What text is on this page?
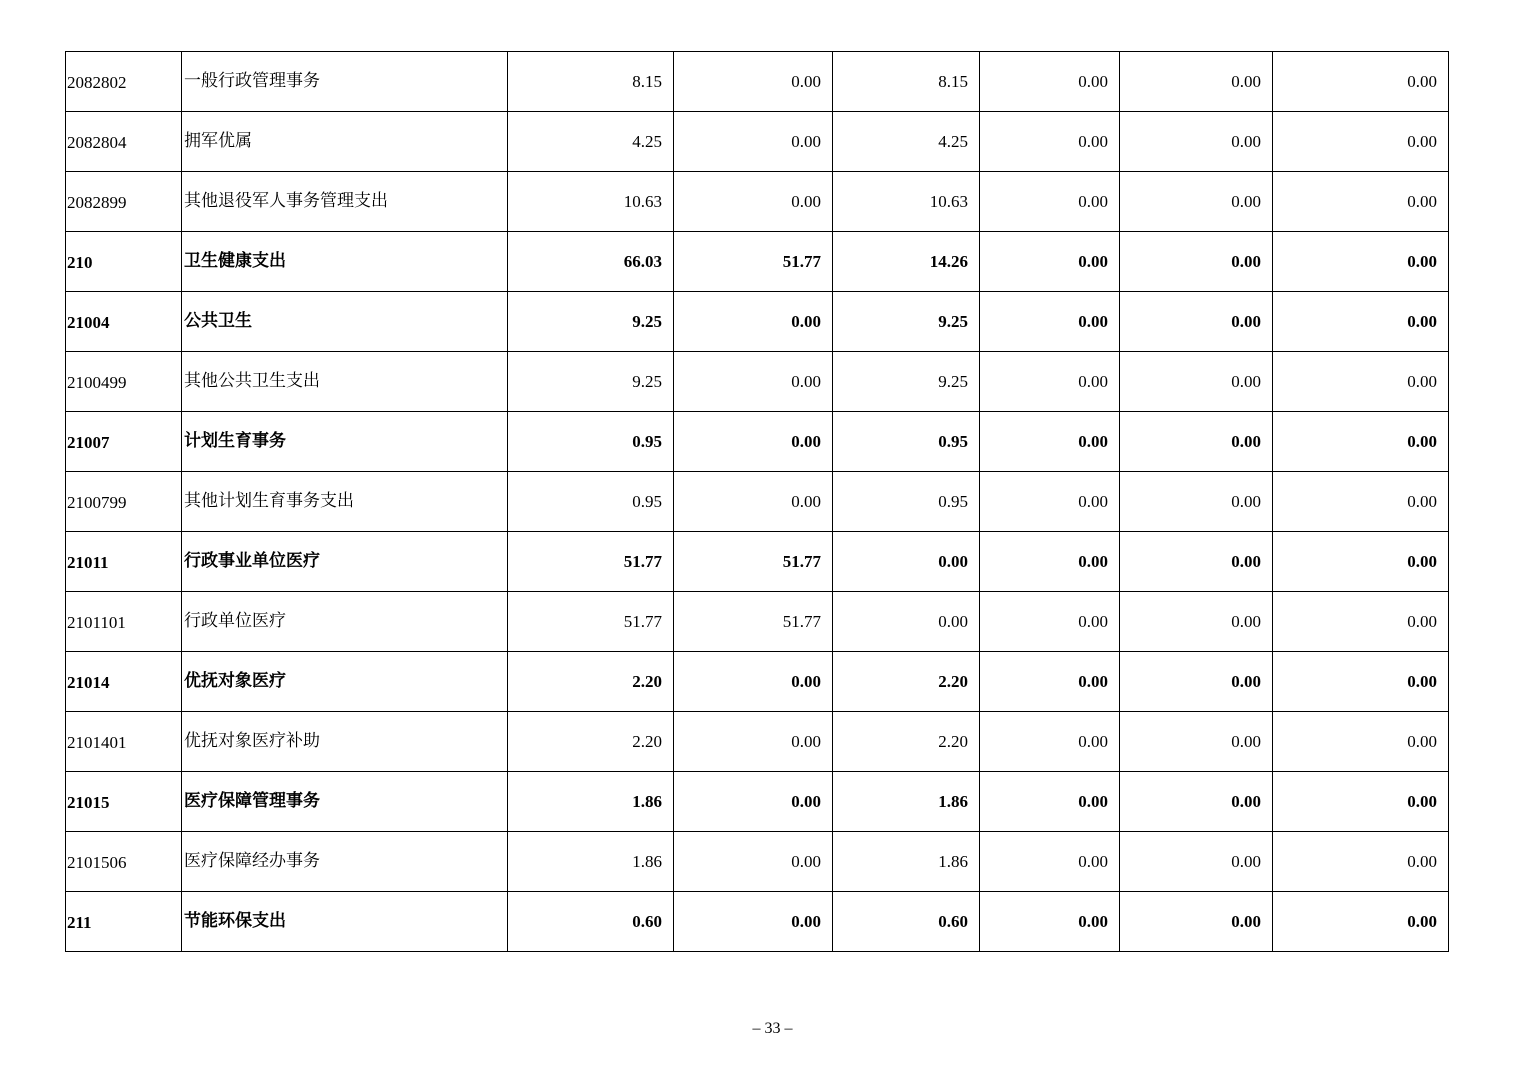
2082802	一般行政管理事务	8.15	0.00	8.15	0.00	0.00	0.00
2082804	拥军优属	4.25	0.00	4.25	0.00	0.00	0.00
2082899	其他退役军人事务管理支出	10.63	0.00	10.63	0.00	0.00	0.00
210	卫生健康支出	66.03	51.77	14.26	0.00	0.00	0.00
21004	公共卫生	9.25	0.00	9.25	0.00	0.00	0.00
2100499	其他公共卫生支出	9.25	0.00	9.25	0.00	0.00	0.00
21007	计划生育事务	0.95	0.00	0.95	0.00	0.00	0.00
2100799	其他计划生育事务支出	0.95	0.00	0.95	0.00	0.00	0.00
21011	行政事业单位医疗	51.77	51.77	0.00	0.00	0.00	0.00
2101101	行政单位医疗	51.77	51.77	0.00	0.00	0.00	0.00
21014	优抚对象医疗	2.20	0.00	2.20	0.00	0.00	0.00
2101401	优抚对象医疗补助	2.20	0.00	2.20	0.00	0.00	0.00
21015	医疗保障管理事务	1.86	0.00	1.86	0.00	0.00	0.00
2101506	医疗保障经办事务	1.86	0.00	1.86	0.00	0.00	0.00
211	节能环保支出	0.60	0.00	0.60	0.00	0.00	0.00
– 33 –
